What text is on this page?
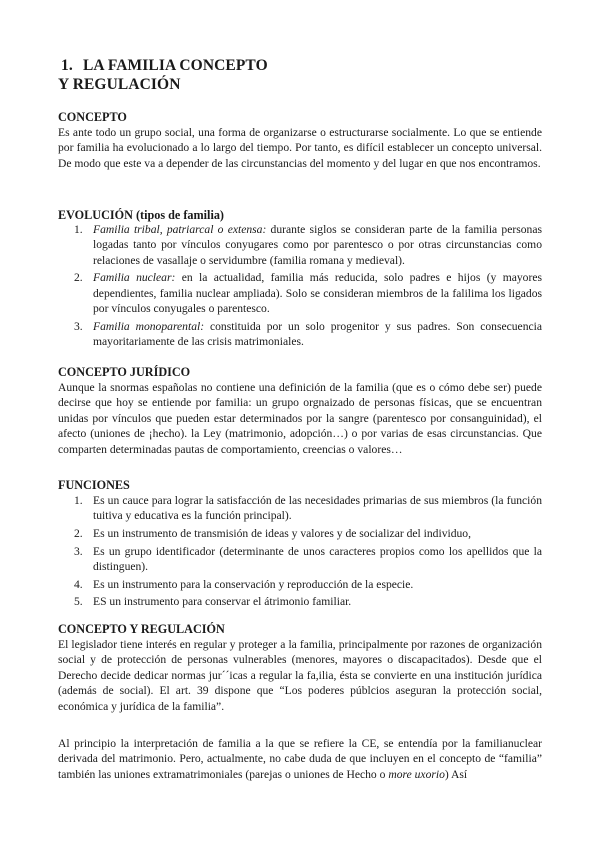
1. LA FAMILIA CONCEPTO
Y REGULACIÓN
CONCEPTO

Es ante todo un grupo social, una forma de organizarse o estructurarse socialmente. Lo que se entiende por familia ha evolucionado a lo largo del tiempo. Por tanto, es difícil establecer un concepto universal. De modo que este va a depender de las circunstancias del momento y del lugar en que nos encontramos.

EVOLUCIÓN (tipos de familia)
1. Familia tribal, patriarcal o extensa: durante siglos se consideran parte de la familia personas logadas tanto por vínculos conyugares como por parentesco o por otras circunstancias como relaciones de vasallaje o servidumbre (familia romana y medieval).
2. Familia nuclear: en la actualidad, familia más reducida, solo padres e hijos (y mayores dependientes, familia nuclear ampliada). Solo se consideran miembros de la falilima los ligados por vínculos conyugales o parentesco.
3. Familia monoparental: constituida por un solo progenitor y sus padres. Son consecuencia mayoritariamente de las crisis matrimoniales.
CONCEPTO JURÍDICO

Aunque la snormas españolas no contiene una definición de la familia (que es o cómo debe ser) puede decirse que hoy se entiende por familia: un grupo orgnaizado de personas físicas, que se encuentran unidas por vínculos que pueden estar determinados por la sangre (parentesco por consanguinidad), el afecto (uniones de ¡hecho). la Ley (matrimonio, adopción…) o por varias de esas circunstancias. Que comparten determinadas pautas de comportamiento, creencias o valores…

FUNCIONES
1. Es un cauce para lograr la satisfacción de las necesidades primarias de sus miembros (la función tuitiva y educativa es la función principal).
2. Es un instrumento de transmisión de ideas y valores y de socializar del individuo,
3. Es un grupo identificador (determinante de unos caracteres propios como los apellidos que la distinguen).
4. Es un instrumento para la conservación y reproducción de la especie.
5. ES un instrumento para conservar el átrimonio familiar.
CONCEPTO Y REGULACIÓN

El legislador tiene interés en regular y proteger a la familia, principalmente por razones de organización social y de protección de personas vulnerables (menores, mayores o discapacitados). Desde que el Derecho decide dedicar normas jur´´icas a regular la fa,ilia, ésta se convierte en una institución jurídica (además de social). El art. 39 dispone que “Los poderes públcios aseguran la protección social, económica y jurídica de la familia”.

Al principio la interpretación de familia a la que se refiere la CE, se entendía por la familianuclear derivada del matrimonio. Pero, actualmente, no cabe duda de que incluyen en el concepto de “familia” también las uniones extramatrimoniales (parejas o uniones de Hecho o more uxorio) Así
